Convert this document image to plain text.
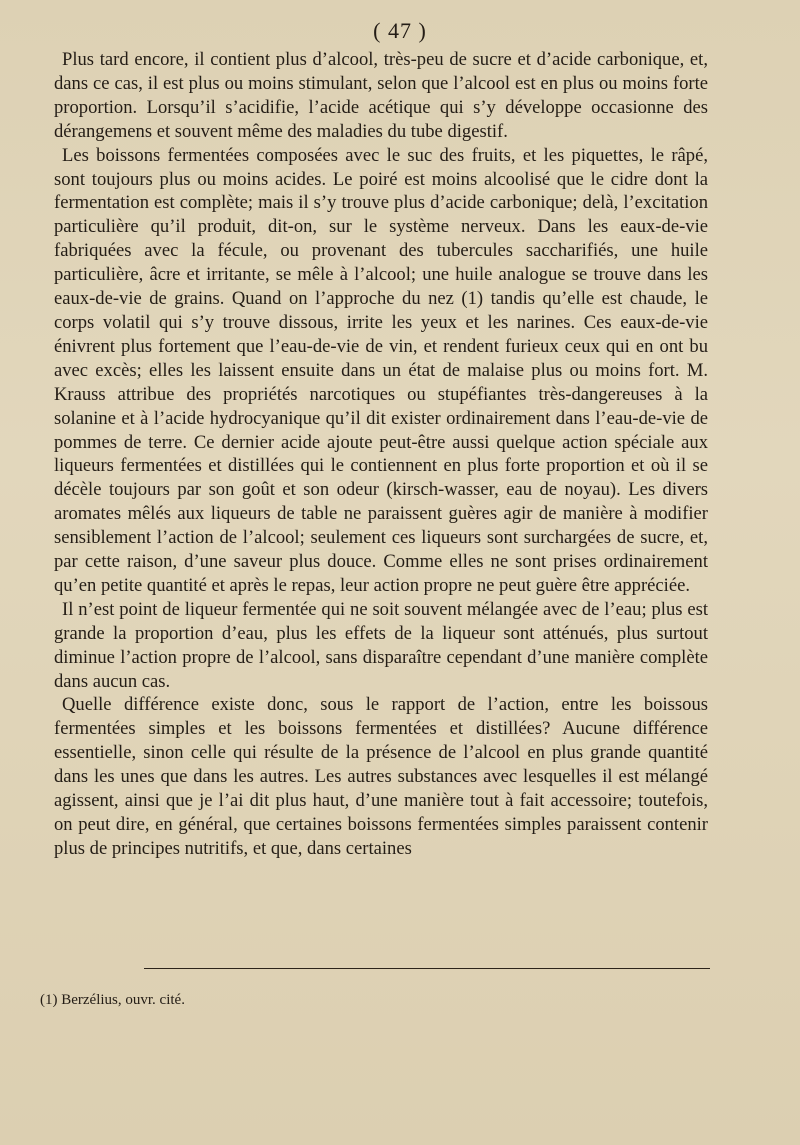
( 47 )

Plus tard encore, il contient plus d’alcool, très-peu de sucre et d’acide carbonique, et, dans ce cas, il est plus ou moins stimulant, selon que l’alcool est en plus ou moins forte proportion. Lorsqu’il s’acidifie, l’acide acétique qui s’y développe occasionne des dérangemens et souvent même des maladies du tube digestif.

Les boissons fermentées composées avec le suc des fruits, et les piquettes, le râpé, sont toujours plus ou moins acides. Le poiré est moins alcoolisé que le cidre dont la fermentation est complète; mais il s’y trouve plus d’acide carbonique; delà, l’excitation particulière qu’il produit, dit-on, sur le système nerveux. Dans les eaux-de-vie fabriquées avec la fécule, ou provenant des tubercules saccharifiés, une huile particulière, âcre et irritante, se mêle à l’alcool; une huile analogue se trouve dans les eaux-de-vie de grains. Quand on l’approche du nez (1) tandis qu’elle est chaude, le corps volatil qui s’y trouve dissous, irrite les yeux et les narines. Ces eaux-de-vie énivrent plus fortement que l’eau-de-vie de vin, et rendent furieux ceux qui en ont bu avec excès; elles les laissent ensuite dans un état de malaise plus ou moins fort. M. Krauss attribue des propriétés narcotiques ou stupéfiantes très-dangereuses à la solanine et à l’acide hydrocyanique qu’il dit exister ordinairement dans l’eau-de-vie de pommes de terre. Ce dernier acide ajoute peut-être aussi quelque action spéciale aux liqueurs fermentées et distillées qui le contiennent en plus forte proportion et où il se décèle toujours par son goût et son odeur (kirsch-wasser, eau de noyau). Les divers aromates mêlés aux liqueurs de table ne paraissent guères agir de manière à modifier sensiblement l’action de l’alcool; seulement ces liqueurs sont surchargées de sucre, et, par cette raison, d’une saveur plus douce. Comme elles ne sont prises ordinairement qu’en petite quantité et après le repas, leur action propre ne peut guère être appréciée.

Il n’est point de liqueur fermentée qui ne soit souvent mélangée avec de l’eau; plus est grande la proportion d’eau, plus les effets de la liqueur sont atténués, plus surtout diminue l’action propre de l’alcool, sans disparaître cependant d’une manière complète dans aucun cas.

Quelle différence existe donc, sous le rapport de l’action, entre les boissous fermentées simples et les boissons fermentées et distillées? Aucune différence essentielle, sinon celle qui résulte de la présence de l’alcool en plus grande quantité dans les unes que dans les autres. Les autres substances avec lesquelles il est mélangé agissent, ainsi que je l’ai dit plus haut, d’une manière tout à fait accessoire; toutefois, on peut dire, en général, que certaines boissons fermentées simples paraissent contenir plus de principes nutritifs, et que, dans certaines

(1) Berzélius, ouvr. cité.
